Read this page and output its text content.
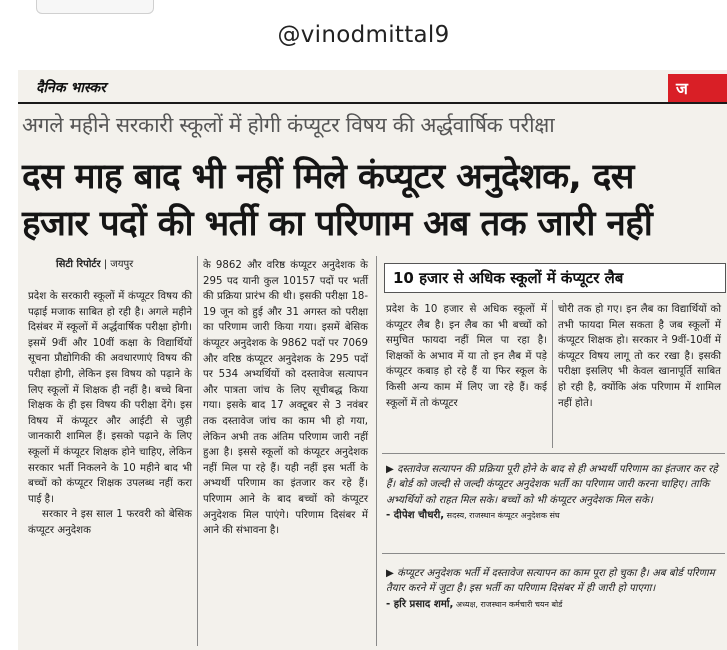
@vinodmittal9
दैनिक भास्कर	ज
अगले महीने सरकारी स्कूलों में होगी कंप्यूटर विषय की अर्द्धवार्षिक परीक्षा
दस माह बाद भी नहीं मिले कंप्यूटर अनुदेशक, दस
हजार पदों की भर्ती का परिणाम अब तक जारी नहीं
सिटी रिपोर्टर | जयपुर

प्रदेश के सरकारी स्कूलों में कंप्यूटर विषय की पढ़ाई मजाक साबित हो रही है। अगले महीने दिसंबर में स्कूलों में अर्द्धवार्षिक परीक्षा होगी। इसमें 9वीं और 10वीं कक्षा के विद्यार्थियों सूचना प्रौद्योगिकी की अवधारणाएं विषय की परीक्षा होगी, लेकिन इस विषय को पढ़ाने के लिए स्कूलों में शिक्षक ही नहीं है। बच्चे बिना शिक्षक के ही इस विषय की परीक्षा देंगे। इस विषय में कंप्यूटर और आईटी से जुड़ी जानकारी शामिल हैं। इसको पढ़ाने के लिए स्कूलों में कंप्यूटर शिक्षक होने चाहिए, लेकिन सरकार भर्ती निकलने के 10 महीने बाद भी बच्चों को कंप्यूटर शिक्षक उपलब्ध नहीं करा पाई है।

सरकार ने इस साल 1 फरवरी को बेसिक कंप्यूटर अनुदेशक

के 9862 और वरिष्ठ कंप्यूटर अनुदेशक के 295 पद यानी कुल 10157 पदों पर भर्ती की प्रक्रिया प्रारंभ की थी। इसकी परीक्षा 18-19 जून को हुई और 31 अगस्त को परीक्षा का परिणाम जारी किया गया। इसमें बेसिक कंप्यूटर अनुदेशक के 9862 पदों पर 7069 और वरिष्ठ कंप्यूटर अनुदेशक के 295 पदों पर 534 अभ्यर्थियों को दस्तावेज सत्यापन और पात्रता जांच के लिए सूचीबद्ध किया गया। इसके बाद 17 अक्टूबर से 3 नवंबर तक दस्तावेज जांच का काम भी हो गया, लेकिन अभी तक अंतिम परिणाम जारी नहीं हुआ है। इससे स्कूलों को कंप्यूटर अनुदेशक नहीं मिल पा रहे हैं। यही नहीं इस भर्ती के अभ्यर्थी परिणाम का इंतजार कर रहे हैं। परिणाम आने के बाद बच्चों को कंप्यूटर अनुदेशक मिल पाएंगे। परिणाम दिसंबर में आने की संभावना है।

10 हजार से अधिक स्कूलों में कंप्यूटर लैब
प्रदेश के 10 हजार से अधिक स्कूलों में कंप्यूटर लैब है। इन लैब का भी बच्चों को समुचित फायदा नहीं मिल पा रहा है। शिक्षकों के अभाव में या तो इन लैब में पड़े कंप्यूटर कबाड़ हो रहे हैं या फिर स्कूल के किसी अन्य काम में लिए जा रहे हैं। कई स्कूलों में तो कंप्यूटर
चोरी तक हो गए। इन लैब का विद्यार्थियों को तभी फायदा मिल सकता है जब स्कूलों में कंप्यूटर शिक्षक हो। सरकार ने 9वीं-10वीं में कंप्यूटर विषय लागू तो कर रखा है। इसकी परीक्षा इसलिए भी केवल खानापूर्ति साबित हो रही है, क्योंकि अंक परिणाम में शामिल नहीं होते।
▶ दस्तावेज सत्यापन की प्रक्रिया पूरी होने के बाद से ही अभ्यर्थी परिणाम का इंतजार कर रहे हैं। बोर्ड को जल्दी से जल्दी कंप्यूटर अनुदेशक भर्ती का परिणाम जारी करना चाहिए। ताकि अभ्यर्थियों को राहत मिल सके। बच्चों को भी कंप्यूटर अनुदेशक मिल सके।
- दीपेश चौधरी, सदस्य, राजस्थान कंप्यूटर अनुदेशक संघ
▶ कंप्यूटर अनुदेशक भर्ती में दस्तावेज सत्यापन का काम पूरा हो चुका है। अब बोर्ड परिणाम तैयार करने में जुटा है। इस भर्ती का परिणाम दिसंबर में ही जारी हो पाएगा।
- हरि प्रसाद शर्मा, अध्यक्ष, राजस्थान कर्मचारी चयन बोर्ड
